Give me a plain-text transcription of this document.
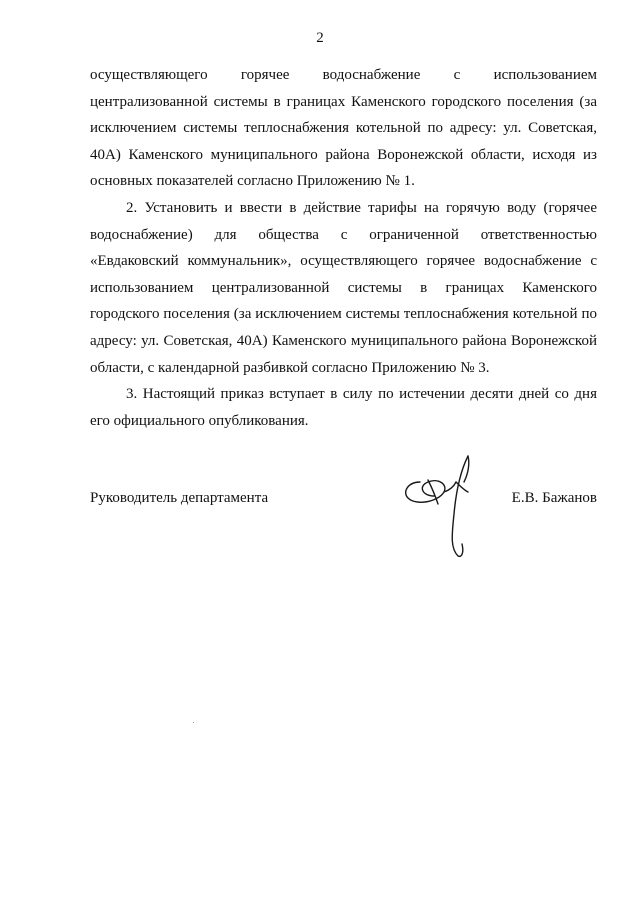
2

осуществляющего горячее водоснабжение с использованием централизованной системы в границах Каменского городского поселения (за исключением системы теплоснабжения котельной по адресу: ул. Советская, 40А) Каменского муниципального района Воронежской области, исходя из основных показателей согласно Приложению № 1.

2. Установить и ввести в действие тарифы на горячую воду (горячее водоснабжение) для общества с ограниченной ответственностью «Евдаковский коммунальник», осуществляющего горячее водоснабжение с использованием централизованной системы в границах Каменского городского поселения (за исключением системы теплоснабжения котельной по адресу: ул. Советская, 40А) Каменского муниципального района Воронежской области, с календарной разбивкой согласно Приложению № 3.

3. Настоящий приказ вступает в силу по истечении десяти дней со дня его официального опубликования.

Руководитель департамента	Е.В. Бажанов
